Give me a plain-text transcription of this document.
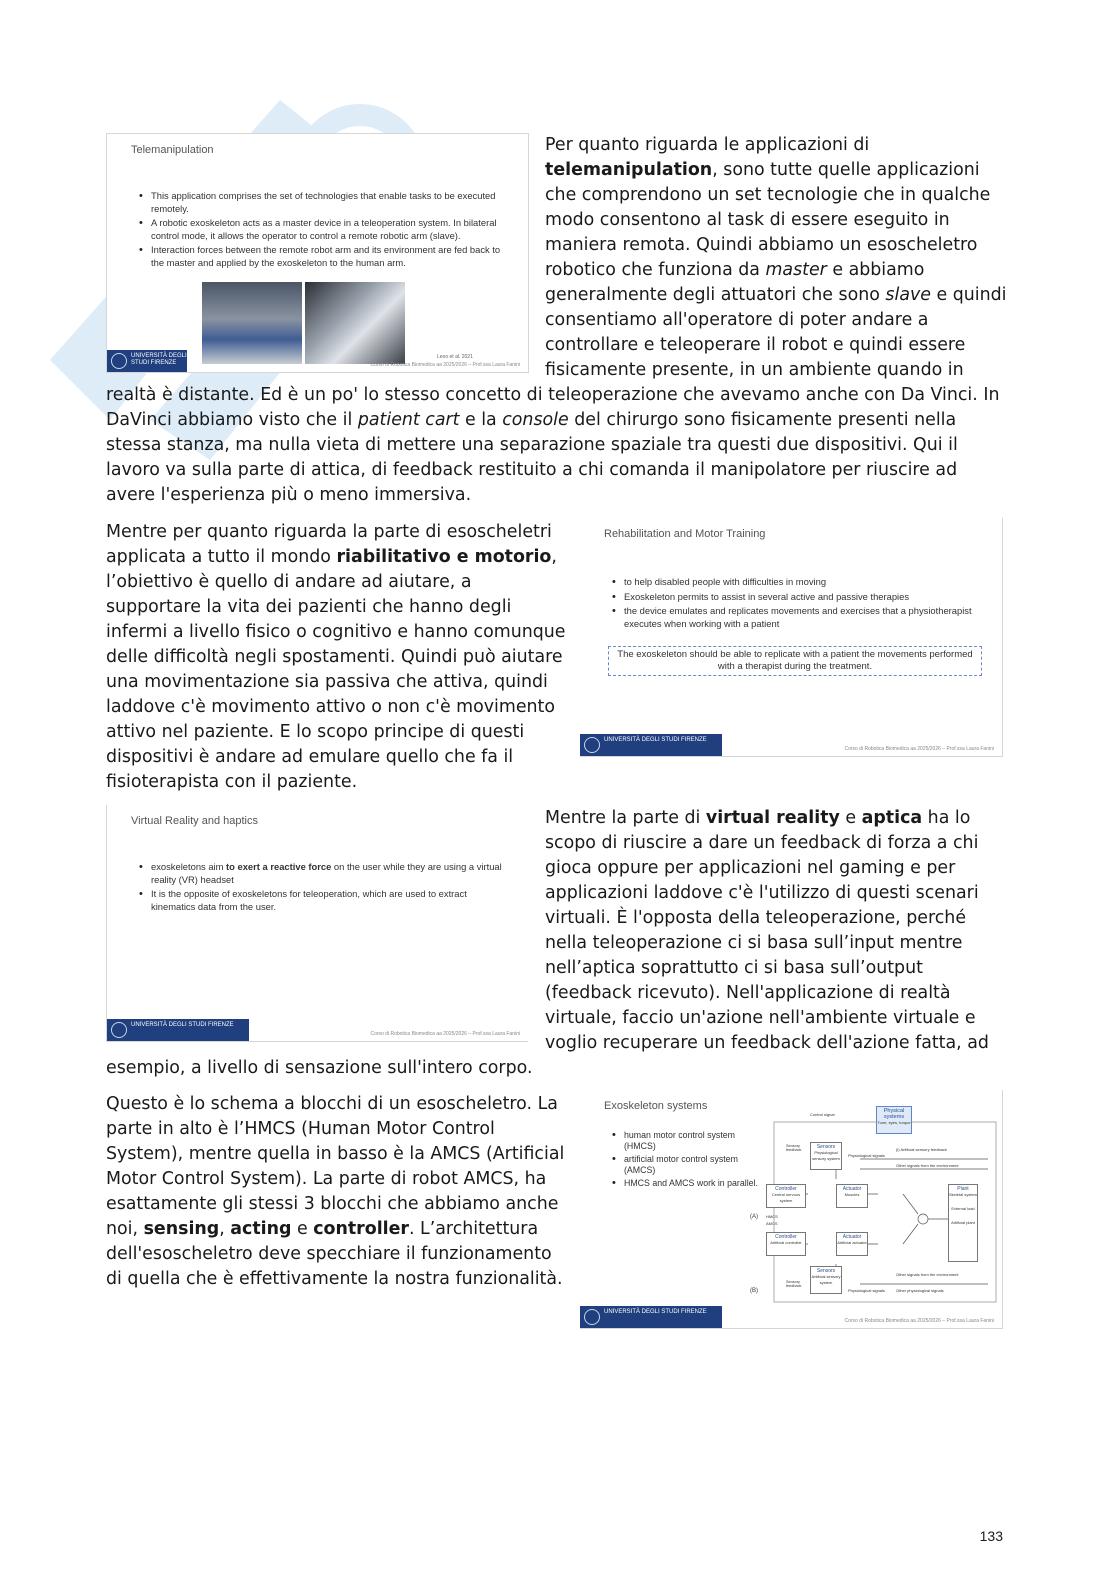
Telemanipulation
• This application comprises the set of technologies that enable tasks to be executed remotely.
• A robotic exoskeleton acts as a master device in a teleoperation system. In bilateral control mode, it allows the operator to control a remote robotic arm (slave).
• Interaction forces between the remote robot arm and its environment are fed back to the master and applied by the exoskeleton to the human arm.
Leoo et al. 2021
UNIVERSITÀ DEGLI STUDI FIRENZE	Corso di Robotica Biomedica aa 2025/2026 – Prof.ssa Laura Fanini

Per quanto riguarda le applicazioni di telemanipulation, sono tutte quelle applicazioni che comprendono un set tecnologie che in qualche modo consentono al task di essere eseguito in maniera remota. Quindi abbiamo un esoscheletro robotico che funziona da master e abbiamo generalmente degli attuatori che sono slave e quindi consentiamo all'operatore di poter andare a controllare e teleoperare il robot e quindi essere fisicamente presente, in un ambiente quando in

realtà è distante. Ed è un po' lo stesso concetto di teleoperazione che avevamo anche con Da Vinci. In DaVinci abbiamo visto che il patient cart e la console del chirurgo sono fisicamente presenti nella stessa stanza, ma nulla vieta di mettere una separazione spaziale tra questi due dispositivi. Qui il lavoro va sulla parte di attica, di feedback restituito a chi comanda il manipolatore per riuscire ad avere l'esperienza più o meno immersiva.

Mentre per quanto riguarda la parte di esoscheletri applicata a tutto il mondo riabilitativo e motorio, l’obiettivo è quello di andare ad aiutare, a supportare la vita dei pazienti che hanno degli infermi a livello fisico o cognitivo e hanno comunque delle difficoltà negli spostamenti. Quindi può aiutare una movimentazione sia passiva che attiva, quindi laddove c'è movimento attivo o non c'è movimento attivo nel paziente. E lo scopo principe di questi dispositivi è andare ad emulare quello che fa il fisioterapista con il paziente.

Rehabilitation and Motor Training
• to help disabled people with difficulties in moving
• Exoskeleton permits to assist in several active and passive therapies
• the device emulates and replicates movements and exercises that a physiotherapist executes when working with a patient
The exoskeleton should be able to replicate with a patient the movements performed with a therapist during the treatment.
UNIVERSITÀ DEGLI STUDI FIRENZE
Corso di Robotica Biomedica aa 2025/2026 – Prof.ssa Laura Fanini
Virtual Reality and haptics
• exoskeletons aim to exert a reactive force on the user while they are using a virtual reality (VR) headset
• It is the opposite of exoskeletons for teleoperation, which are used to extract kinematics data from the user.
UNIVERSITÀ DEGLI STUDI FIRENZE
Corso di Robotica Biomedica aa 2025/2026 – Prof.ssa Laura Fanini

Mentre la parte di virtual reality e aptica ha lo scopo di riuscire a dare un feedback di forza a chi gioca oppure per applicazioni nel gaming e per applicazioni laddove c'è l'utilizzo di questi scenari virtuali. È l'opposta della teleoperazione, perché nella teleoperazione ci si basa sull’input mentre nell’aptica soprattutto ci si basa sull’output (feedback ricevuto). Nell'applicazione di realtà virtuale, faccio un'azione nell'ambiente virtuale e voglio recuperare un feedback dell'azione fatta, ad

esempio, a livello di sensazione sull'intero corpo.

Questo è lo schema a blocchi di un esoscheletro. La parte in alto è l’HMCS (Human Motor Control System), mentre quella in basso è la AMCS (Artificial Motor Control System). La parte di robot AMCS, ha esattamente gli stessi 3 blocchi che abbiamo anche noi, sensing, acting e controller. L’architettura dell'esoscheletro deve specchiare il funzionamento di quella che è effettivamente la nostra funzionalità.

Exoskeleton systems
• human motor control system (HMCS)
• artificial motor control system (AMCS)
• HMCS and AMCS work in parallel.
Physical systems
Tune, eyes, torque
Control signal
Sensors
Physiological sensory system
Sensory feedback
Physiological signals
(i) Artificial sensory feedback
Other signals from the environment
Controller
Central nervous system
Actuator
Muscles
Plant
Skeletal system
External load
Artificial plant
(A) HMCS
AMCS
Controller
Artificial controller
Actuator
Artificial actuator
Sensors
Artificial sensory system
Sensory feedback
Other signals from the environment
Physiological signals	Other physiological signals
(B)
UNIVERSITÀ DEGLI STUDI FIRENZE
Corso di Robotica Biomedica aa 2025/2026 – Prof.ssa Laura Fanini
133
